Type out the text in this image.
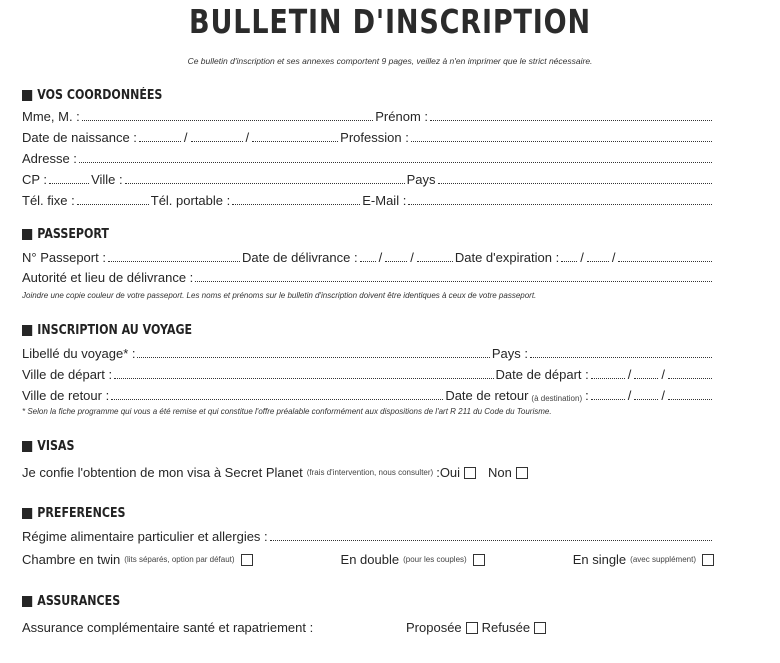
BULLETIN D'INSCRIPTION
Ce bulletin d'inscription et ses annexes comportent 9 pages, veillez à n'en imprimer que le strict nécessaire.
VOS COORDONNÉES
Mme, M. :	Prénom :
Date de naissance :	/	/	Profession :
Adresse :
CP :	Ville :	Pays
Tél. fixe :	Tél. portable :	E-Mail :
PASSEPORT
N° Passeport :	Date de délivrance : / /	Date d'expiration : / /
Autorité et lieu de délivrance :
Joindre une copie couleur de votre passeport. Les noms et prénoms sur le bulletin d'inscription doivent être identiques à ceux de votre passeport.
INSCRIPTION AU VOYAGE
Libellé du voyage* :	Pays :
Ville de départ :	Date de départ :	/ /
Ville de retour :	Date de retour (à destination) :	/ /
* Selon la fiche programme qui vous a été remise et qui constitue l'offre préalable conformément aux dispositions de l'art R 211 du Code du Tourisme.
VISAS
Je confie l'obtention de mon visa à Secret Planet (frais d'intervention, nous consulter) :Oui Non
PREFERENCES
Régime alimentaire particulier et allergies :
Chambre en twin (lits séparés, option par défaut)	En double (pour les couples)	En single (avec supplément)
ASSURANCES
Assurance complémentaire santé et rapatriement :	Proposée Refusée
